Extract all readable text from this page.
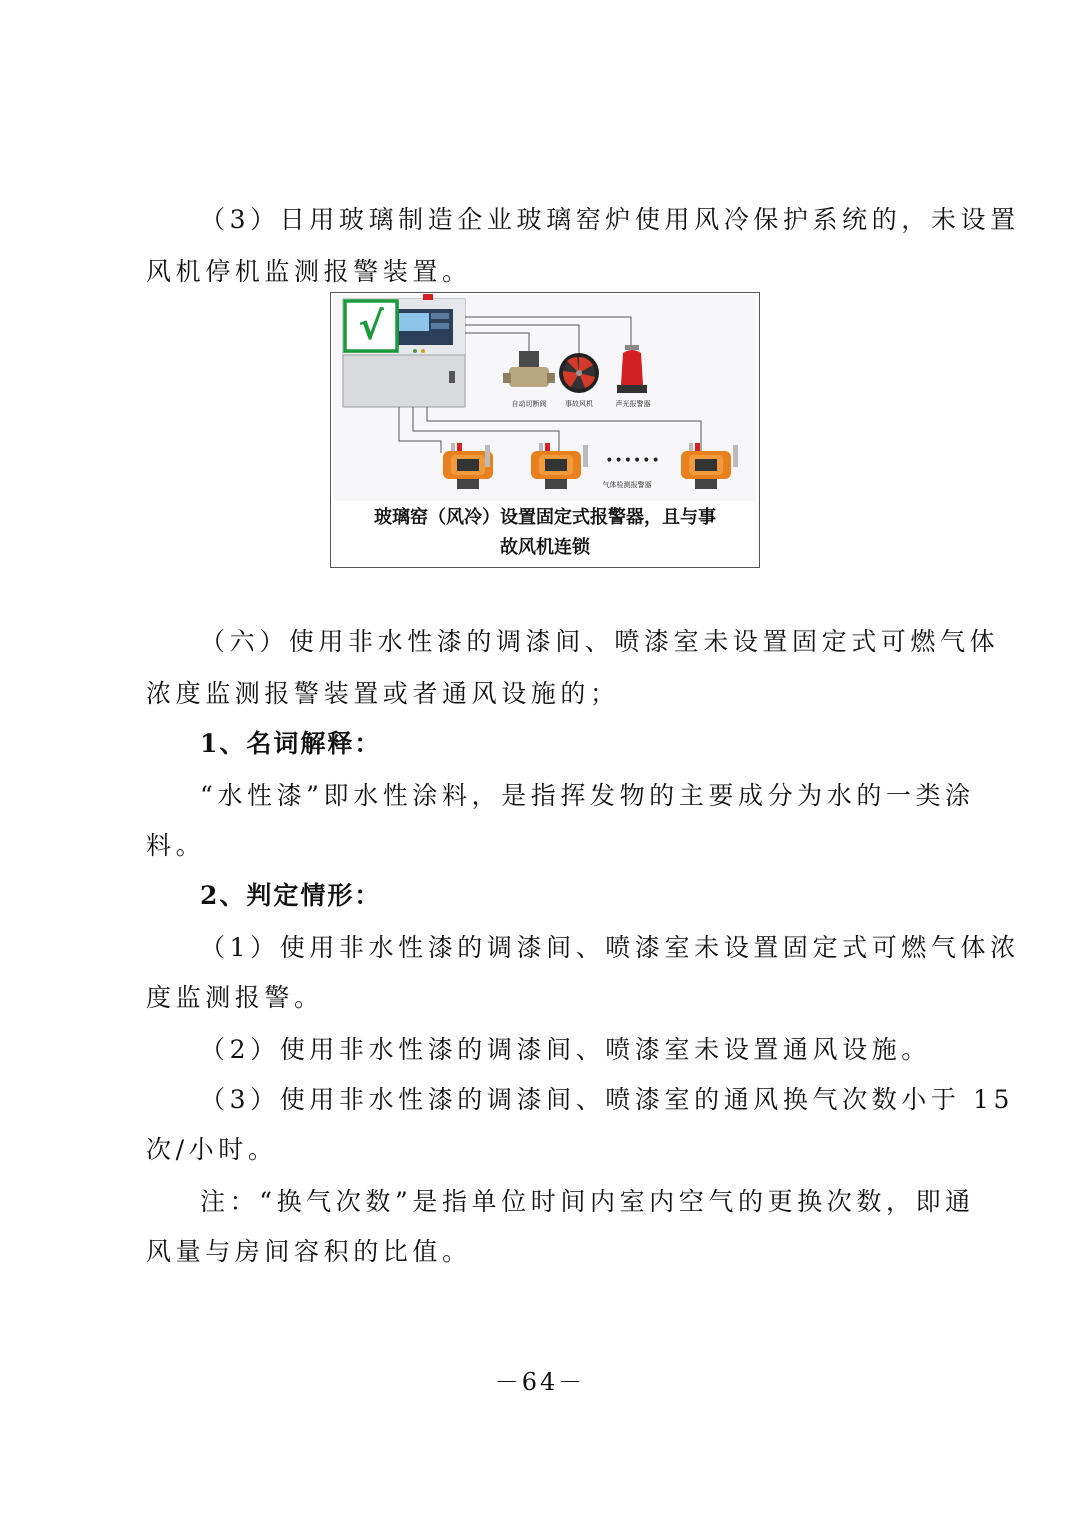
（3）日用玻璃制造企业玻璃窑炉使用风冷保护系统的，未设置
风机停机监测报警装置。
√
自动切断阀	事故风机	声光报警器
••••••
气体检测报警器
玻璃窑（风冷）设置固定式报警器，且与事
故风机连锁
（六）使用非水性漆的调漆间、喷漆室未设置固定式可燃气体
浓度监测报警装置或者通风设施的；
1、名词解释：
“水性漆”即水性涂料，是指挥发物的主要成分为水的一类涂
料。
2、判定情形：
（1）使用非水性漆的调漆间、喷漆室未设置固定式可燃气体浓
度监测报警。
（2）使用非水性漆的调漆间、喷漆室未设置通风设施。
（3）使用非水性漆的调漆间、喷漆室的通风换气次数小于 15
次/小时。
注：“换气次数”是指单位时间内室内空气的更换次数，即通
风量与房间容积的比值。
－64－
